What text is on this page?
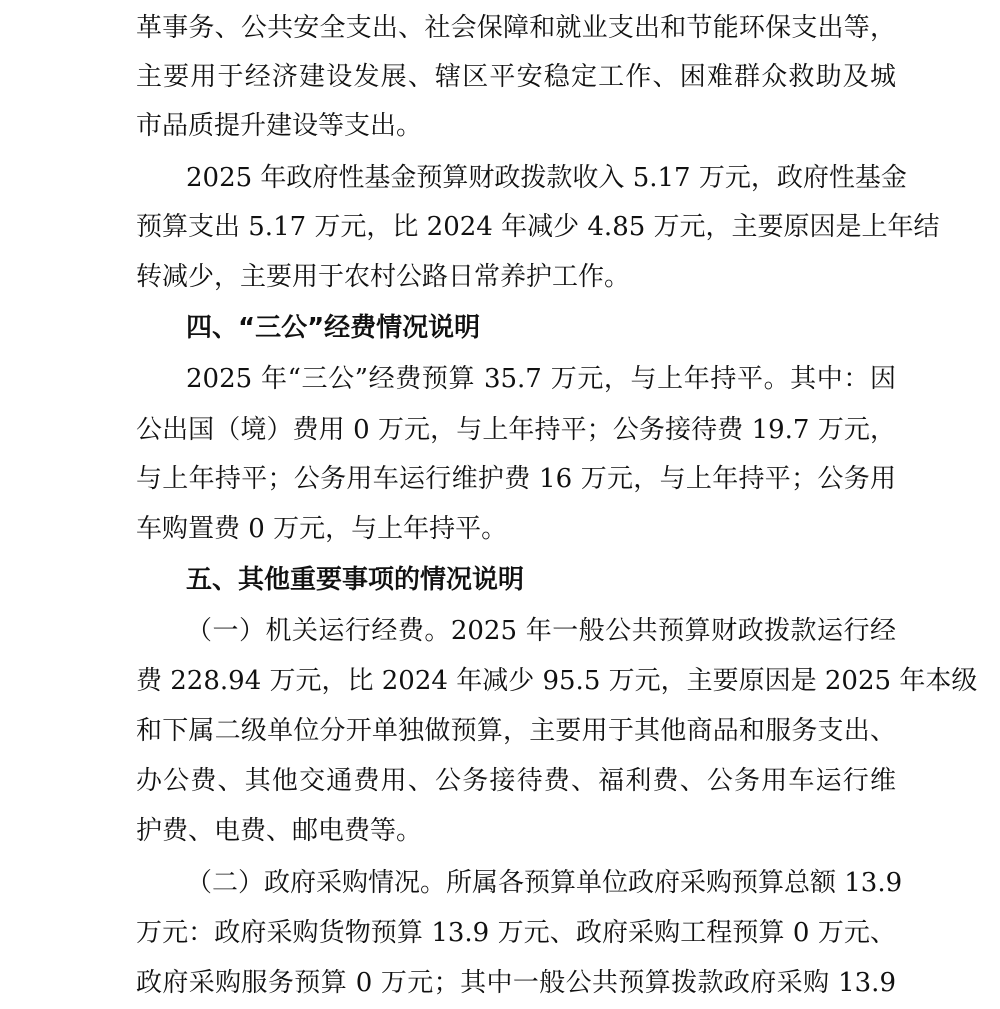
革事务、公共安全支出、社会保障和就业支出和节能环保支出等，
主要用于经济建设发展、辖区平安稳定工作、困难群众救助及城
市品质提升建设等支出。
2025 年政府性基金预算财政拨款收入 5.17 万元，政府性基金
预算支出 5.17 万元，比 2024 年减少 4.85 万元，主要原因是上年结
转减少，主要用于农村公路日常养护工作。
四、“三公”经费情况说明
2025 年“三公”经费预算 35.7 万元，与上年持平。其中：因
公出国（境）费用 0 万元，与上年持平；公务接待费 19.7 万元，
与上年持平；公务用车运行维护费 16 万元，与上年持平；公务用
车购置费 0 万元，与上年持平。
五、其他重要事项的情况说明
（一）机关运行经费。2025 年一般公共预算财政拨款运行经
费 228.94 万元，比 2024 年减少 95.5 万元，主要原因是 2025 年本级
和下属二级单位分开单独做预算，主要用于其他商品和服务支出、
办公费、其他交通费用、公务接待费、福利费、公务用车运行维
护费、电费、邮电费等。
（二）政府采购情况。所属各预算单位政府采购预算总额 13.9
万元：政府采购货物预算 13.9 万元、政府采购工程预算 0 万元、
政府采购服务预算 0 万元；其中一般公共预算拨款政府采购 13.9
